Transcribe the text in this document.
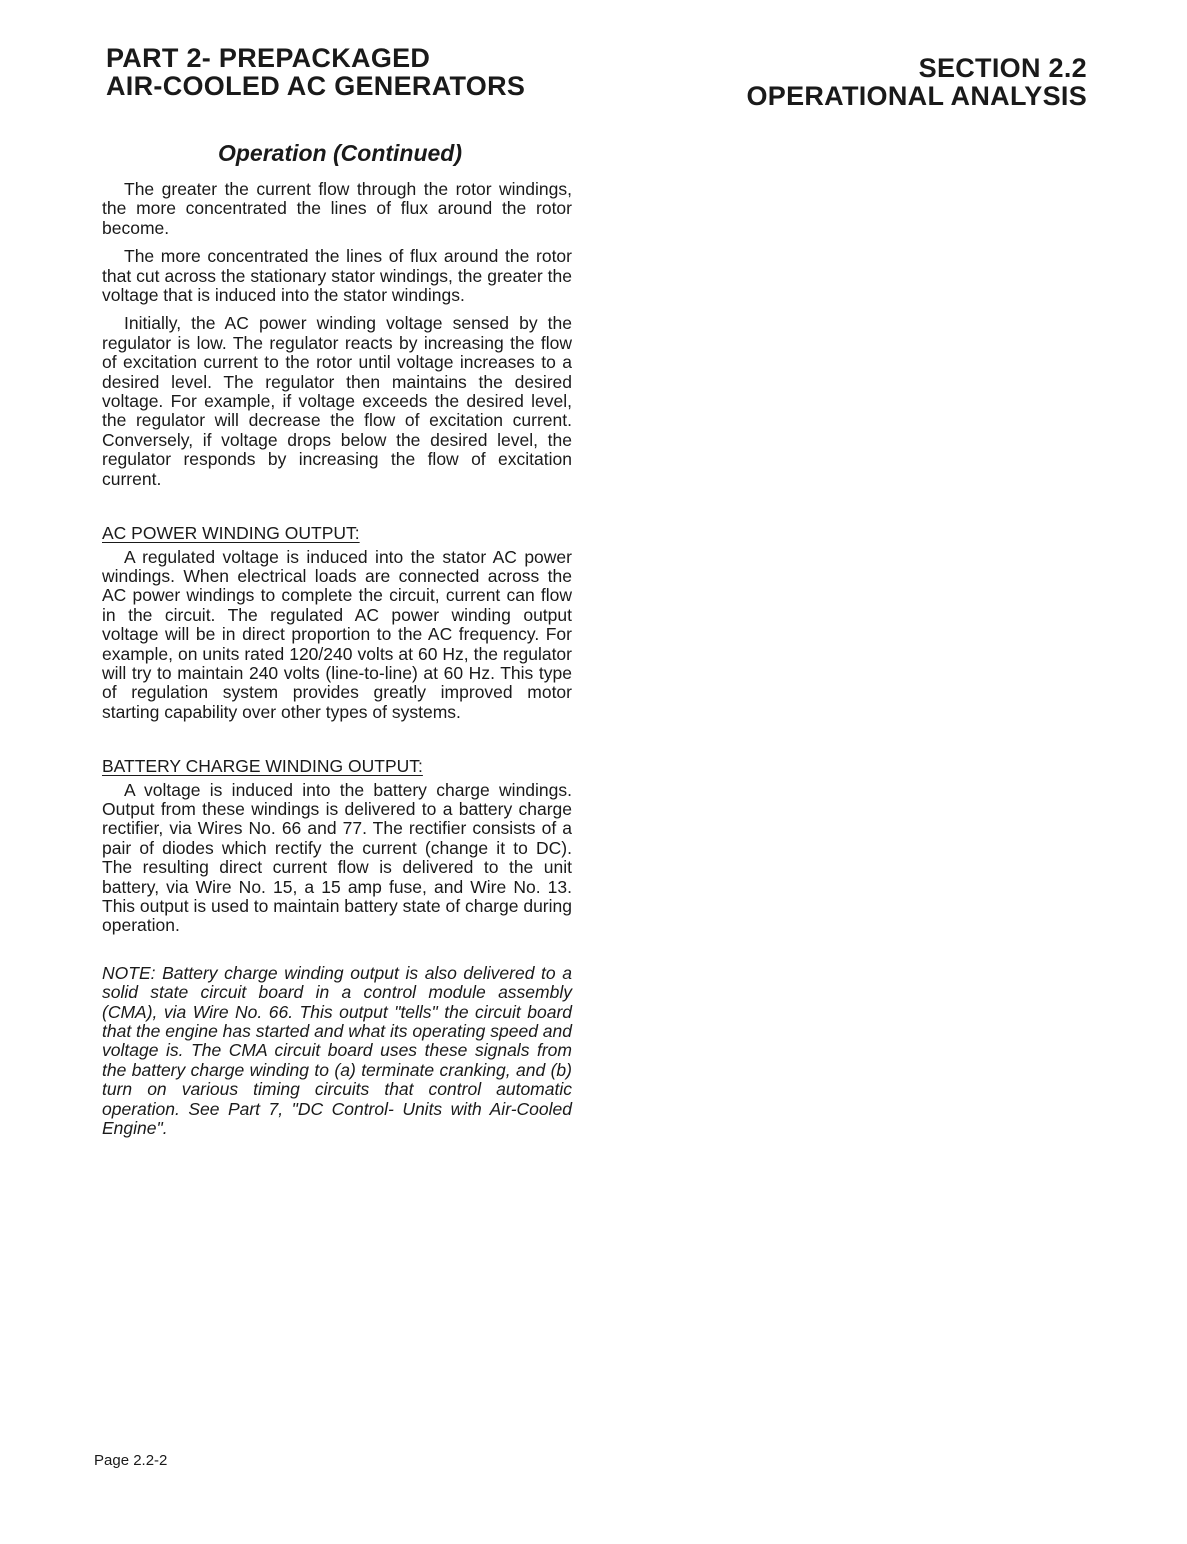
PART 2- PREPACKAGED
AIR-COOLED AC GENERATORS
SECTION 2.2
OPERATIONAL ANALYSIS
Operation (Continued)

The greater the current flow through the rotor windings, the more concentrated the lines of flux around the rotor become.

The more concentrated the lines of flux around the rotor that cut across the stationary stator windings, the greater the voltage that is induced into the stator windings.

Initially, the AC power winding voltage sensed by the regulator is low. The regulator reacts by increasing the flow of excitation current to the rotor until voltage increases to a desired level. The regulator then maintains the desired voltage. For example, if voltage exceeds the desired level, the regulator will decrease the flow of excitation current. Conversely, if voltage drops below the desired level, the regulator responds by increasing the flow of excitation current.

AC POWER WINDING OUTPUT:

A regulated voltage is induced into the stator AC power windings. When electrical loads are connected across the AC power windings to complete the circuit, current can flow in the circuit. The regulated AC power winding output voltage will be in direct proportion to the AC frequency. For example, on units rated 120/240 volts at 60 Hz, the regulator will try to maintain 240 volts (line-to-line) at 60 Hz. This type of regulation system provides greatly improved motor starting capability over other types of systems.

BATTERY CHARGE WINDING OUTPUT:

A voltage is induced into the battery charge windings. Output from these windings is delivered to a battery charge rectifier, via Wires No. 66 and 77. The rectifier consists of a pair of diodes which rectify the current (change it to DC). The resulting direct current flow is delivered to the unit battery, via Wire No. 15, a 15 amp fuse, and Wire No. 13. This output is used to maintain battery state of charge during operation.

NOTE: Battery charge winding output is also delivered to a solid state circuit board in a control module assembly (CMA), via Wire No. 66. This output "tells" the circuit board that the engine has started and what its operating speed and voltage is. The CMA circuit board uses these signals from the battery charge winding to (a) terminate cranking, and (b) turn on various timing circuits that control automatic operation. See Part 7, "DC Control- Units with Air-Cooled Engine".

Page 2.2-2
